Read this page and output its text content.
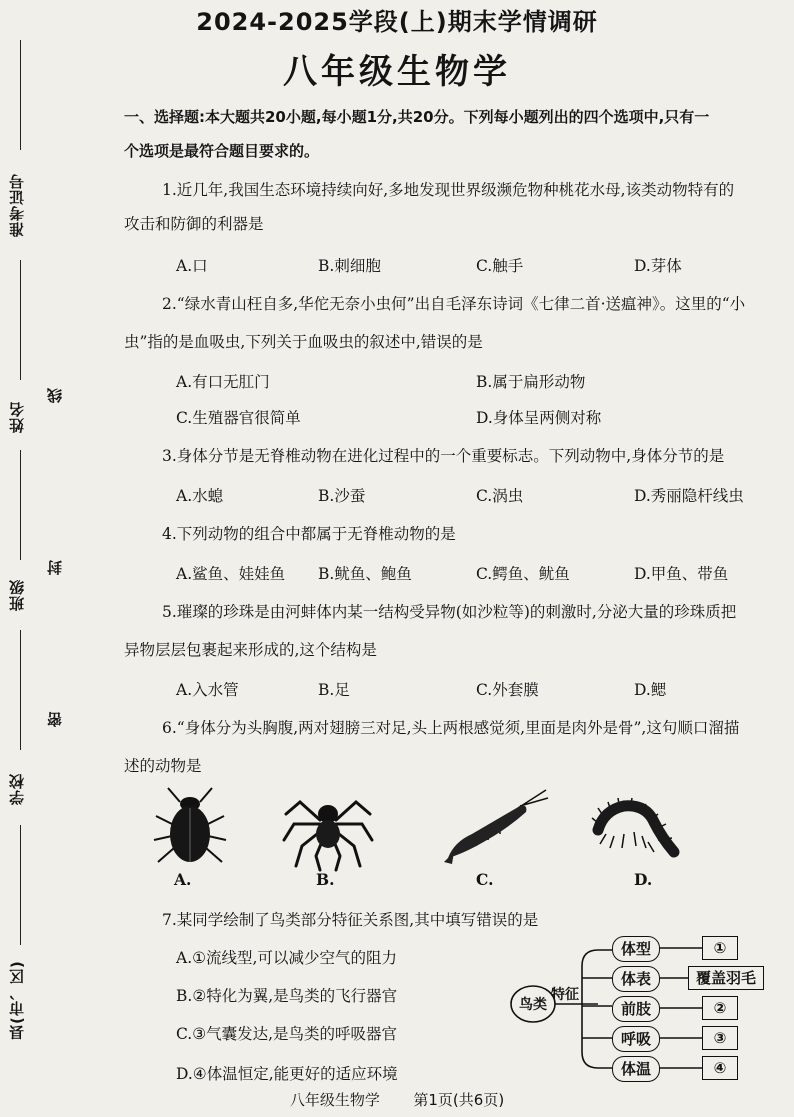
准考证号
姓名
班级
学校
县(市、区)
线
封
密
2024-2025学段(上)期末学情调研
八年级生物学
一、选择题:本大题共20小题,每小题1分,共20分。下列每小题列出的四个选项中,只有一
个选项是最符合题目要求的。
1.近几年,我国生态环境持续向好,多地发现世界级濒危物种桃花水母,该类动物特有的
攻击和防御的利器是
A.口	B.刺细胞	C.触手	D.芽体
2.“绿水青山枉自多,华佗无奈小虫何”出自毛泽东诗词《七律二首·送瘟神》。这里的“小
虫”指的是血吸虫,下列关于血吸虫的叙述中,错误的是
A.有口无肛门	B.属于扁形动物
C.生殖器官很简单	D.身体呈两侧对称
3.身体分节是无脊椎动物在进化过程中的一个重要标志。下列动物中,身体分节的是
A.水螅	B.沙蚕	C.涡虫	D.秀丽隐杆线虫
4.下列动物的组合中都属于无脊椎动物的是
A.鲨鱼、娃娃鱼 B.鱿鱼、鲍鱼	C.鳄鱼、鱿鱼	D.甲鱼、带鱼
5.璀璨的珍珠是由河蚌体内某一结构受异物(如沙粒等)的刺激时,分泌大量的珍珠质把
异物层层包裹起来形成的,这个结构是
A.入水管	B.足	C.外套膜	D.鳃
6.“身体分为头胸腹,两对翅膀三对足,头上两根感觉须,里面是肉外是骨”,这句顺口溜描
述的动物是
A.	B.	C.	D.
7.某同学绘制了鸟类部分特征关系图,其中填写错误的是
A.①流线型,可以减少空气的阻力
B.②特化为翼,是鸟类的飞行器官
C.③气囊发达,是鸟类的呼吸器官
D.④体温恒定,能更好的适应环境
鸟类
特征
体型
体表
前肢
呼吸
体温
①
覆盖羽毛
②
③
④
八年级生物学 第1页(共6页)
